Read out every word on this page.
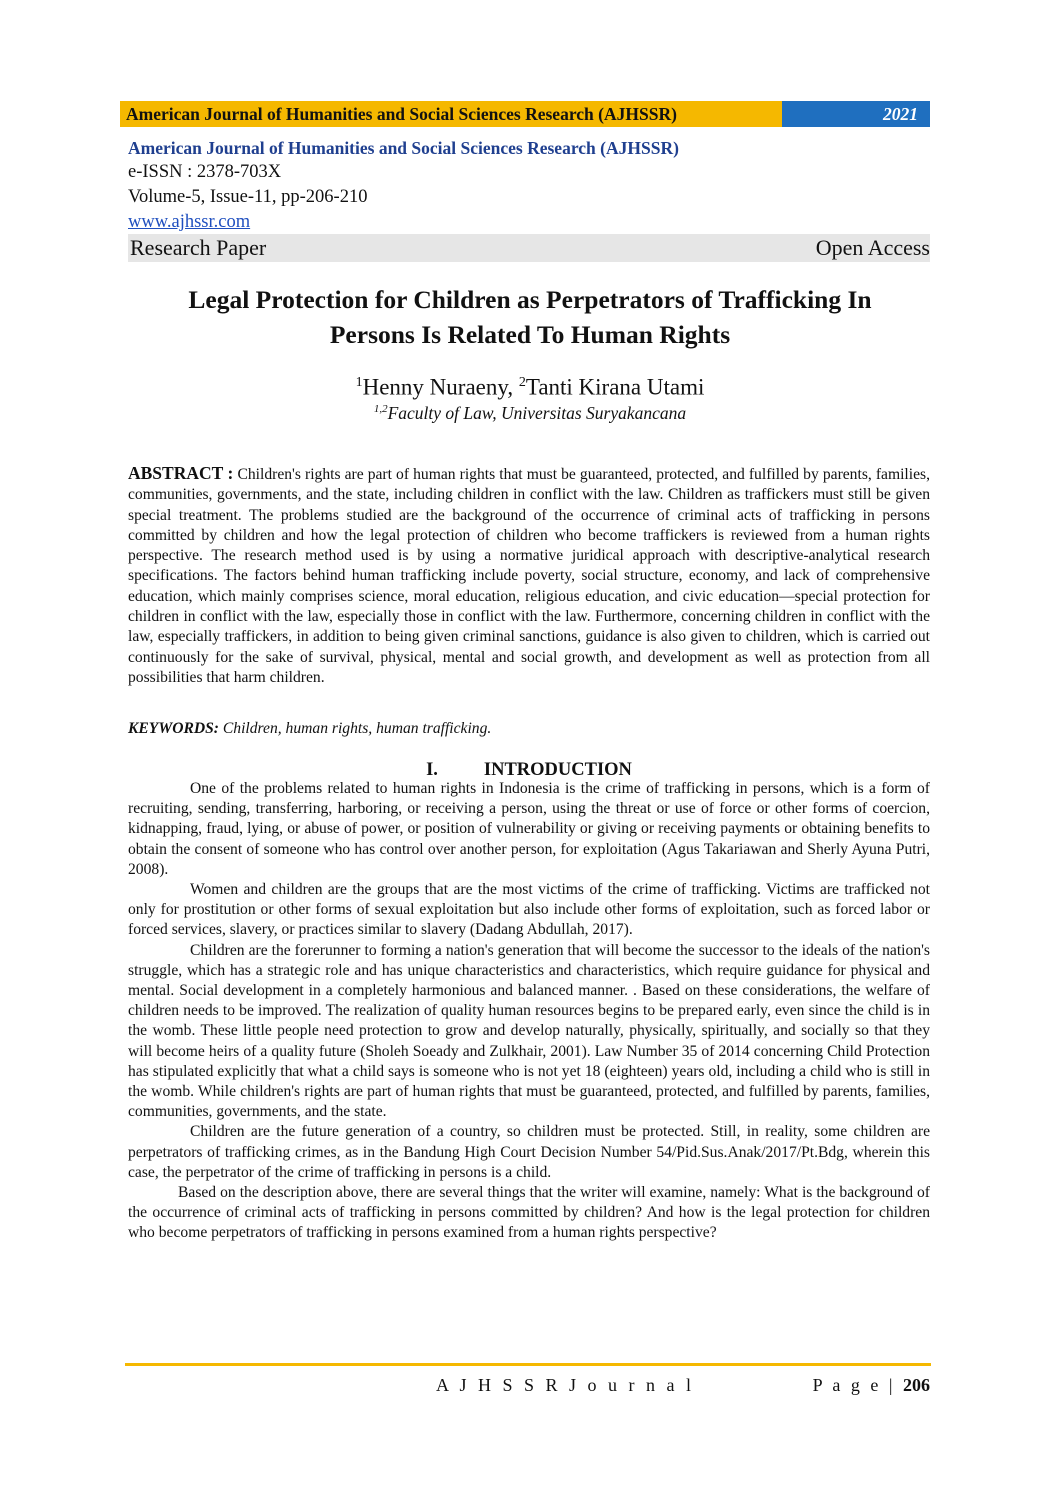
American Journal of Humanities and Social Sciences Research (AJHSSR)	2021
American Journal of Humanities and Social Sciences Research (AJHSSR)
e-ISSN : 2378-703X
Volume-5, Issue-11, pp-206-210
www.ajhssr.com
Research Paper	Open Access
Legal Protection for Children as Perpetrators of Trafficking In
Persons Is Related To Human Rights
$^1$Henny Nuraeny, $^2$Tanti Kirana Utami
$^{1,2}$Faculty of Law, Universitas Suryakancana
ABSTRACT : Children's rights are part of human rights that must be guaranteed, protected, and fulfilled by parents, families, communities, governments, and the state, including children in conflict with the law. Children as traffickers must still be given special treatment. The problems studied are the background of the occurrence of criminal acts of trafficking in persons committed by children and how the legal protection of children who become traffickers is reviewed from a human rights perspective. The research method used is by using a normative juridical approach with descriptive-analytical research specifications. The factors behind human trafficking include poverty, social structure, economy, and lack of comprehensive education, which mainly comprises science, moral education, religious education, and civic education—special protection for children in conflict with the law, especially those in conflict with the law. Furthermore, concerning children in conflict with the law, especially traffickers, in addition to being given criminal sanctions, guidance is also given to children, which is carried out continuously for the sake of survival, physical, mental and social growth, and development as well as protection from all possibilities that harm children.
KEYWORDS: Children, human rights, human trafficking.
I. INTRODUCTION

One of the problems related to human rights in Indonesia is the crime of trafficking in persons, which is a form of recruiting, sending, transferring, harboring, or receiving a person, using the threat or use of force or other forms of coercion, kidnapping, fraud, lying, or abuse of power, or position of vulnerability or giving or receiving payments or obtaining benefits to obtain the consent of someone who has control over another person, for exploitation (Agus Takariawan and Sherly Ayuna Putri, 2008).

Women and children are the groups that are the most victims of the crime of trafficking. Victims are trafficked not only for prostitution or other forms of sexual exploitation but also include other forms of exploitation, such as forced labor or forced services, slavery, or practices similar to slavery (Dadang Abdullah, 2017).

Children are the forerunner to forming a nation's generation that will become the successor to the ideals of the nation's struggle, which has a strategic role and has unique characteristics and characteristics, which require guidance for physical and mental. Social development in a completely harmonious and balanced manner. . Based on these considerations, the welfare of children needs to be improved. The realization of quality human resources begins to be prepared early, even since the child is in the womb. These little people need protection to grow and develop naturally, physically, spiritually, and socially so that they will become heirs of a quality future (Sholeh Soeady and Zulkhair, 2001). Law Number 35 of 2014 concerning Child Protection has stipulated explicitly that what a child says is someone who is not yet 18 (eighteen) years old, including a child who is still in the womb. While children's rights are part of human rights that must be guaranteed, protected, and fulfilled by parents, families, communities, governments, and the state.

Children are the future generation of a country, so children must be protected. Still, in reality, some children are perpetrators of trafficking crimes, as in the Bandung High Court Decision Number 54/Pid.Sus.Anak/2017/Pt.Bdg, wherein this case, the perpetrator of the crime of trafficking in persons is a child.

Based on the description above, there are several things that the writer will examine, namely: What is the background of the occurrence of criminal acts of trafficking in persons committed by children? And how is the legal protection for children who become perpetrators of trafficking in persons examined from a human rights perspective?

A J H S S R J o u r n a l	P a g e | 206
